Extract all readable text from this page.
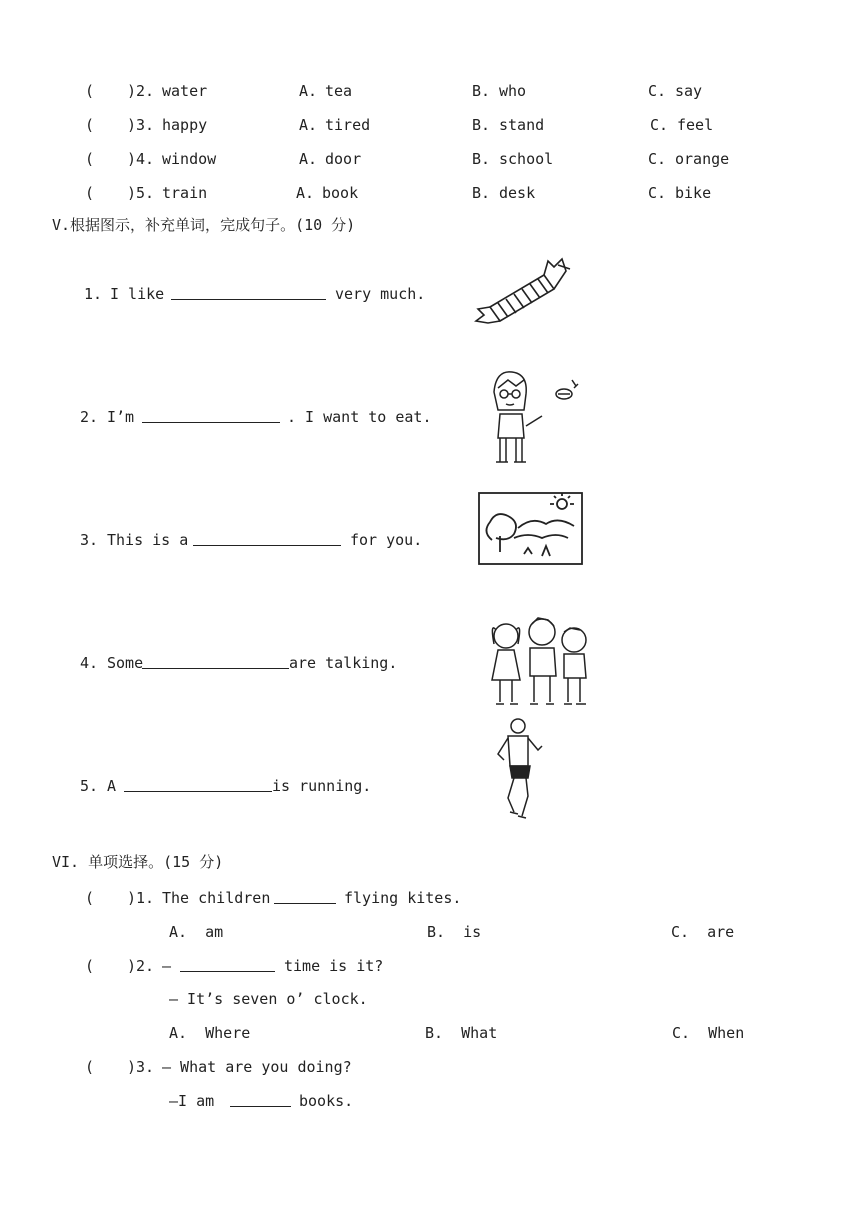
( ) 2. water	A. tea	B. who	C. say
( ) 3. happy	A. tired	B. stand	C. feel
( ) 4. window	A. door	B. school	C. orange
( ) 5. train	A. book	B. desk	C. bike
V.根据图示，补充单词，完成句子。(10 分)
1. I like	very much.
2. I’m	. I want to eat.
3. This is a	for you.
4. Some	are talking.
5. A	is running.
VI. 单项选择。(15 分)
( ) 1. The children	flying kites.
A.  am	B.  is	C.  are
( ) 2. —	time is it?
— It’s seven o’ clock.
A.  Where	B.  What	C.  When
( ) 3. — What are you doing?
—I am	books.
